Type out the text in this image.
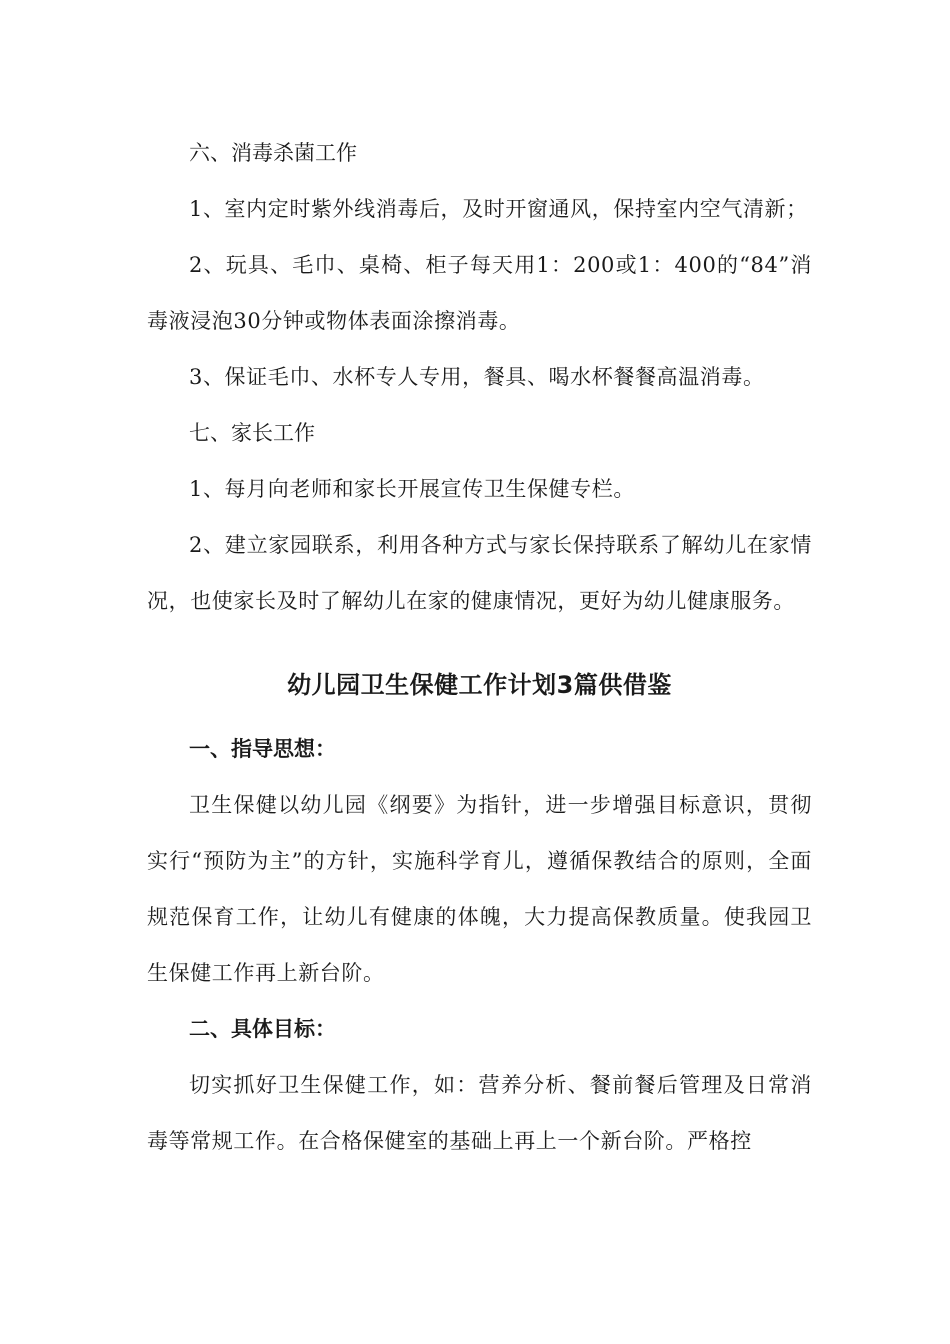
六、消毒杀菌工作

1、室内定时紫外线消毒后，及时开窗通风，保持室内空气清新；

2、玩具、毛巾、桌椅、柜子每天用1：200或1：400的“84”消毒液浸泡30分钟或物体表面涂擦消毒。

3、保证毛巾、水杯专人专用，餐具、喝水杯餐餐高温消毒。

七、家长工作

1、每月向老师和家长开展宣传卫生保健专栏。

2、建立家园联系，利用各种方式与家长保持联系了解幼儿在家情况，也使家长及时了解幼儿在家的健康情况，更好为幼儿健康服务。

幼儿园卫生保健工作计划3篇供借鉴

一、指导思想：

卫生保健以幼儿园《纲要》为指针，进一步增强目标意识，贯彻实行“预防为主”的方针，实施科学育儿，遵循保教结合的原则，全面规范保育工作，让幼儿有健康的体魄，大力提高保教质量。使我园卫生保健工作再上新台阶。

二、具体目标：

切实抓好卫生保健工作，如：营养分析、餐前餐后管理及日常消毒等常规工作。在合格保健室的基础上再上一个新台阶。严格控
